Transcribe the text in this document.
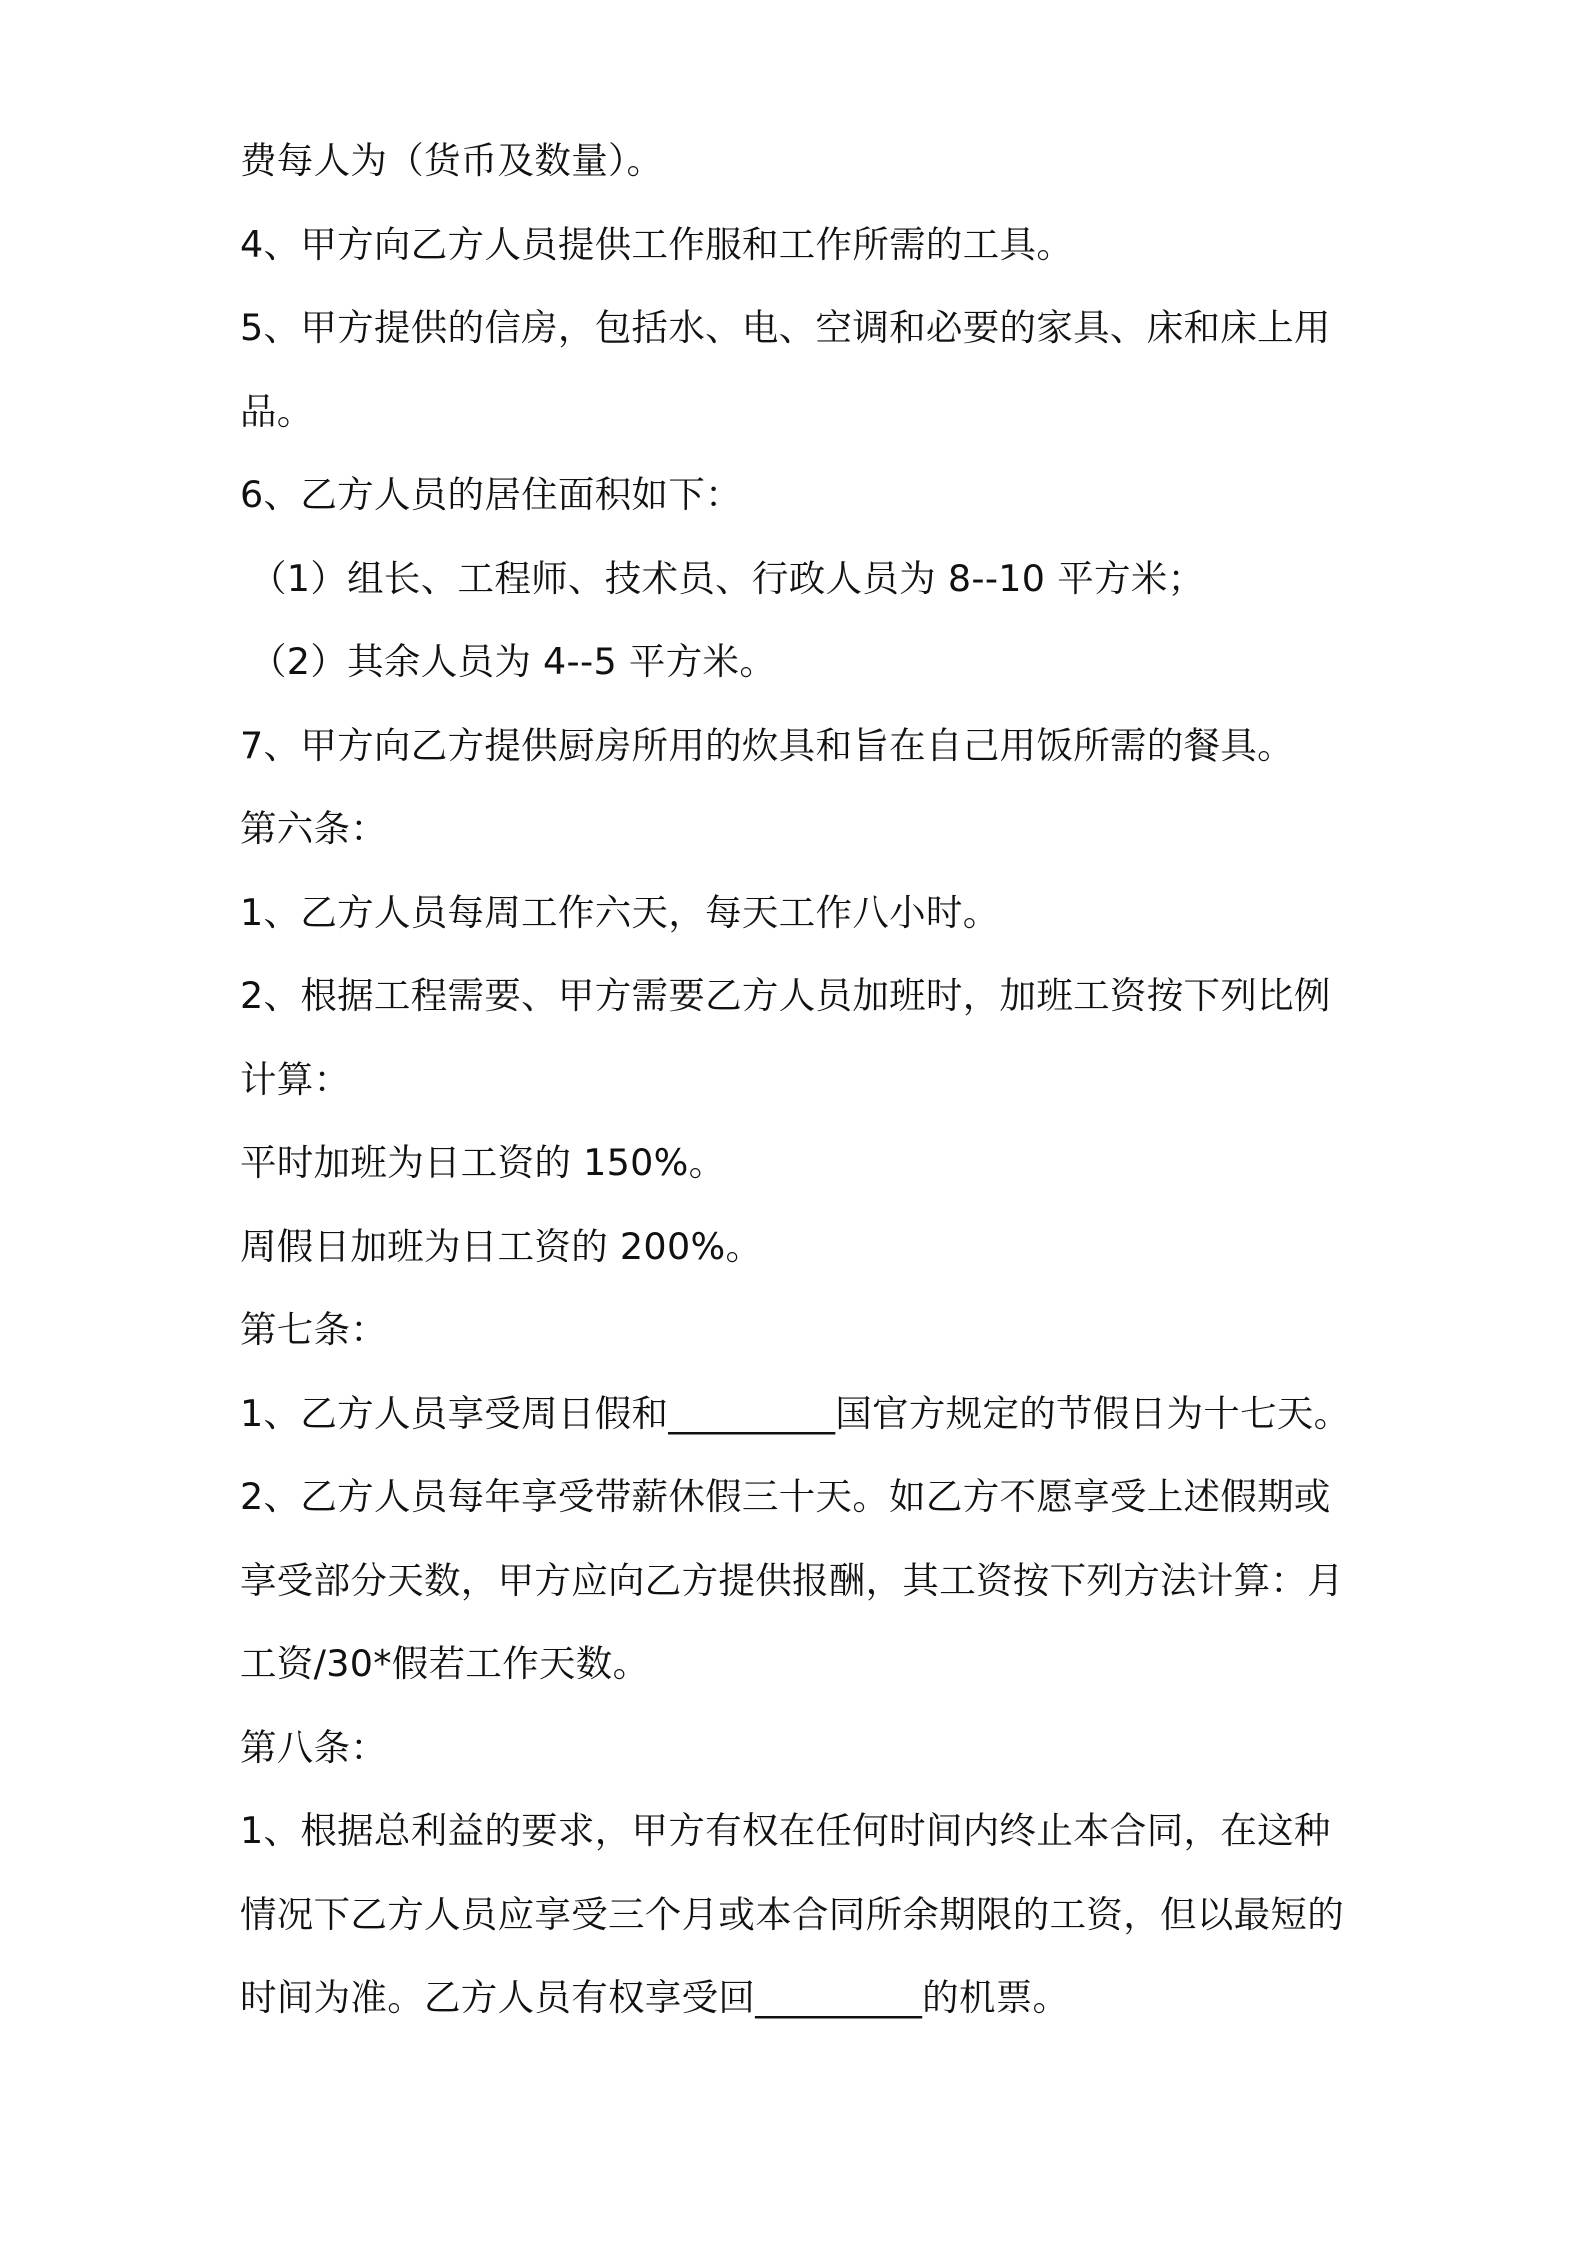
费每人为（货币及数量）。
4、甲方向乙方人员提供工作服和工作所需的工具。
5、甲方提供的信房，包括水、电、空调和必要的家具、床和床上用
品。
6、乙方人员的居住面积如下：
（1）组长、工程师、技术员、行政人员为 8--10 平方米；
（2）其余人员为 4--5 平方米。
7、甲方向乙方提供厨房所用的炊具和旨在自己用饭所需的餐具。
第六条：
1、乙方人员每周工作六天，每天工作八小时。
2、根据工程需要、甲方需要乙方人员加班时，加班工资按下列比例
计算：
平时加班为日工资的 150%。
周假日加班为日工资的 200%。
第七条：
1、乙方人员享受周日假和_________国官方规定的节假日为十七天。
2、乙方人员每年享受带薪休假三十天。如乙方不愿享受上述假期或
享受部分天数，甲方应向乙方提供报酬，其工资按下列方法计算：月
工资/30*假若工作天数。
第八条：
1、根据总利益的要求，甲方有权在任何时间内终止本合同，在这种
情况下乙方人员应享受三个月或本合同所余期限的工资，但以最短的
时间为准。乙方人员有权享受回_________的机票。
